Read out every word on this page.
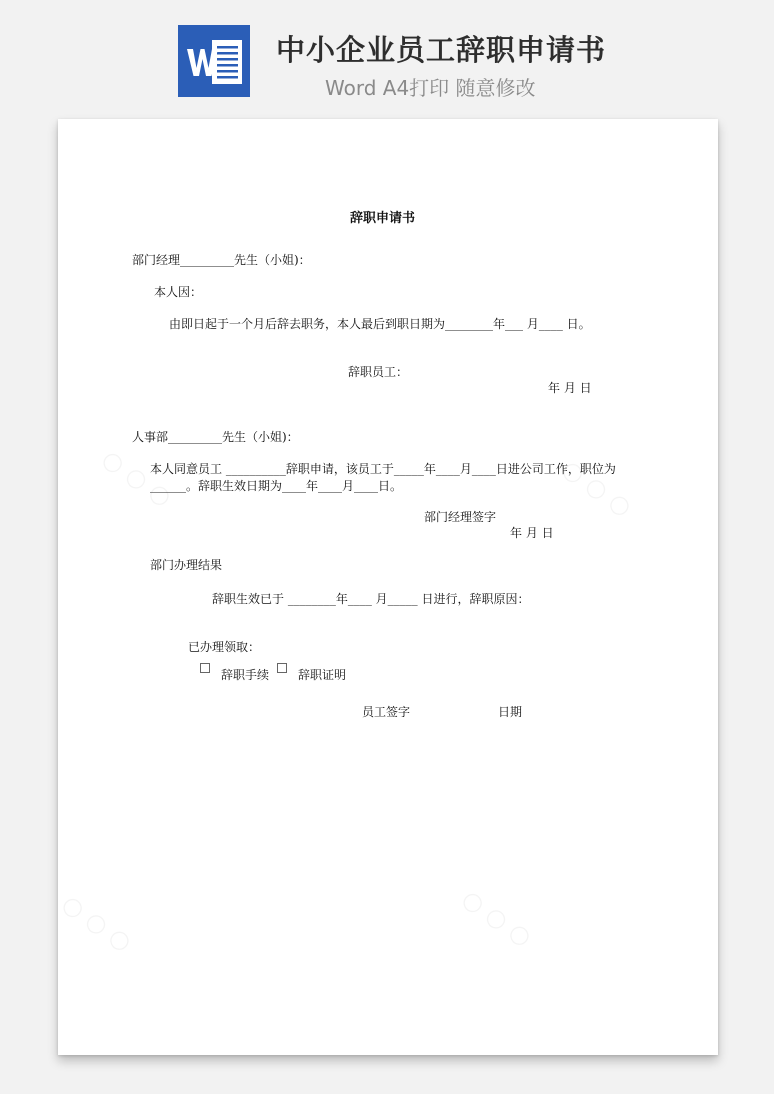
中小企业员工辞职申请书
Word A4打印 随意修改
辞职申请书
部门经理_________先生（小姐)：
本人因：
由即日起于一个月后辞去职务，本人最后到职日期为________年___ 月____ 日。
辞职员工：
年 月 日
人事部_________先生（小姐)：
本人同意员工 __________辞职申请，该员工于_____年____月____日进公司工作，职位为
______。辞职生效日期为____年____月____日。
部门经理签字
年 月 日
部门办理结果
辞职生效已于 ________年____ 月_____ 日进行，辞职原因：
已办理领取：
辞职手续 辞职证明
员工签字	日期
